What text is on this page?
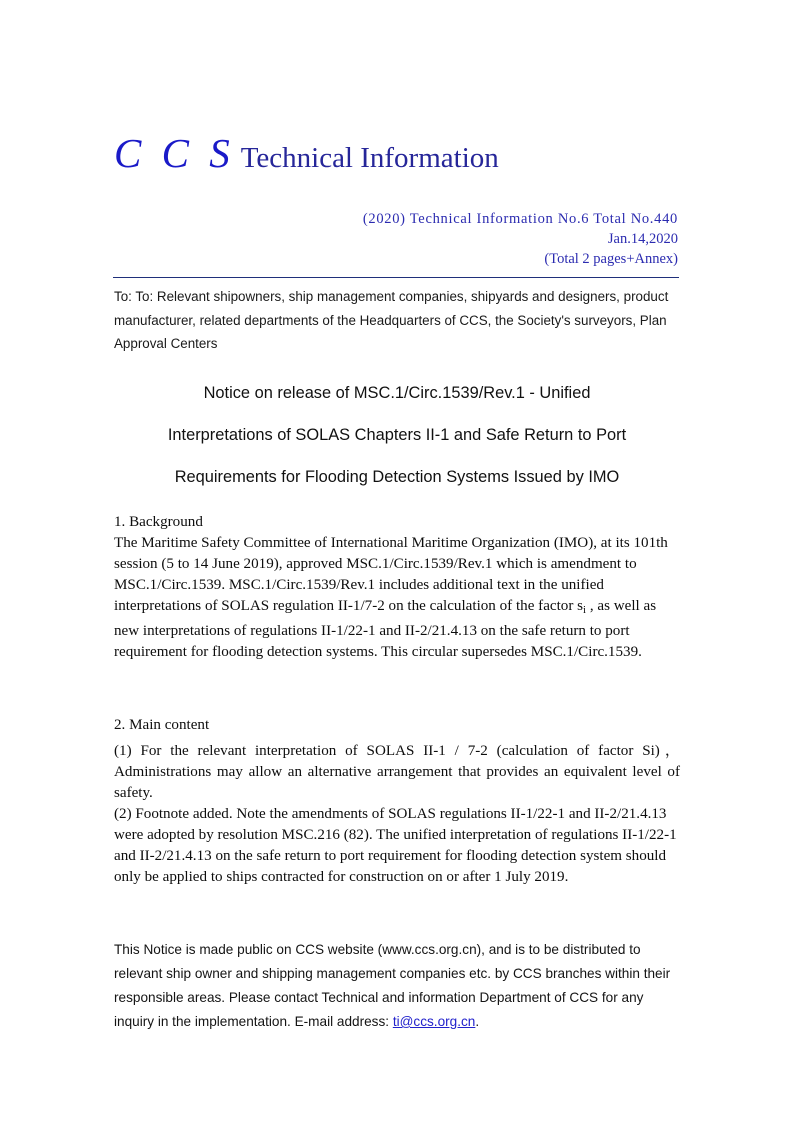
C C S Technical Information
(2020) Technical Information No.6 Total No.440
Jan.14,2020
(Total 2 pages+Annex)
To: To: Relevant shipowners, ship management companies, shipyards and designers, product manufacturer, related departments of the Headquarters of CCS, the Society's surveyors, Plan Approval Centers
Notice on release of MSC.1/Circ.1539/Rev.1 - Unified
Interpretations of SOLAS Chapters II-1 and Safe Return to Port
Requirements for Flooding Detection Systems Issued by IMO
1. Background
The Maritime Safety Committee of International Maritime Organization (IMO), at its 101th session (5 to 14 June 2019), approved MSC.1/Circ.1539/Rev.1 which is amendment to MSC.1/Circ.1539. MSC.1/Circ.1539/Rev.1 includes additional text in the unified interpretations of SOLAS regulation II-1/7-2 on the calculation of the factor $s_i$ , as well as new interpretations of regulations II-1/22-1 and II-2/21.4.13 on the safe return to port requirement for flooding detection systems. This circular supersedes MSC.1/Circ.1539.
2. Main content
(1) For the relevant interpretation of SOLAS II-1 / 7-2 (calculation of factor Si)，Administrations may allow an alternative arrangement that provides an equivalent level of safety.
(2) Footnote added. Note the amendments of SOLAS regulations II-1/22-1 and II-2/21.4.13 were adopted by resolution MSC.216 (82). The unified interpretation of regulations II-1/22-1 and II-2/21.4.13 on the safe return to port requirement for flooding detection system should only be applied to ships contracted for construction on or after 1 July 2019.
This Notice is made public on CCS website (www.ccs.org.cn), and is to be distributed to relevant ship owner and shipping management companies etc. by CCS branches within their responsible areas. Please contact Technical and information Department of CCS for any inquiry in the implementation. E-mail address: ti@ccs.org.cn.
